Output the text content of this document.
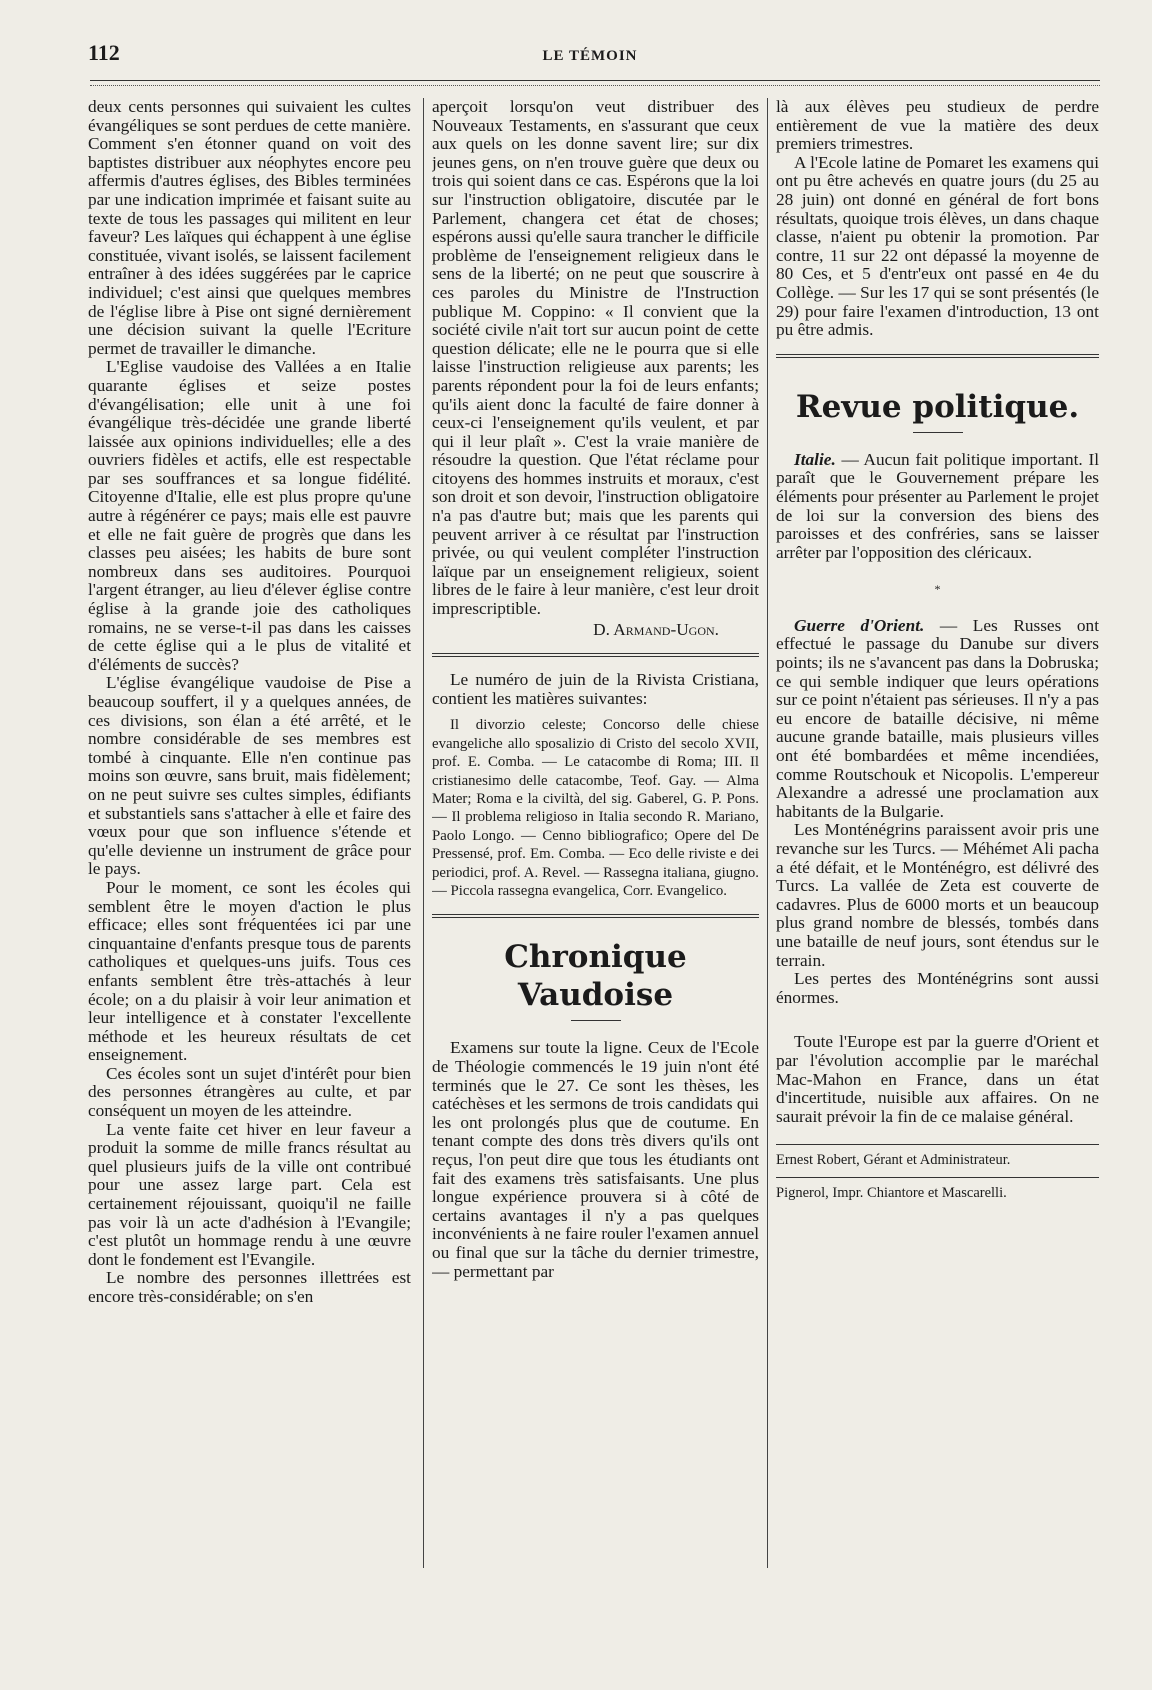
112	LE TÉMOIN

deux cents personnes qui suivaient les cultes évangéliques se sont perdues de cette manière. Comment s'en étonner quand on voit des baptistes distribuer aux néophytes encore peu affermis d'autres églises, des Bibles terminées par une indication imprimée et faisant suite au texte de tous les passages qui militent en leur faveur? Les laïques qui échappent à une église constituée, vivant isolés, se laissent facilement entraîner à des idées suggérées par le caprice individuel; c'est ainsi que quelques membres de l'église libre à Pise ont signé dernièrement une décision suivant la quelle l'Ecriture permet de travailler le dimanche.

L'Eglise vaudoise des Vallées a en Italie quarante églises et seize postes d'évangélisation; elle unit à une foi évangélique très-décidée une grande liberté laissée aux opinions individuelles; elle a des ouvriers fidèles et actifs, elle est respectable par ses souffrances et sa longue fidélité. Citoyenne d'Italie, elle est plus propre qu'une autre à régénérer ce pays; mais elle est pauvre et elle ne fait guère de progrès que dans les classes peu aisées; les habits de bure sont nombreux dans ses auditoires. Pourquoi l'argent étranger, au lieu d'élever église contre église à la grande joie des catholiques romains, ne se verse-t-il pas dans les caisses de cette église qui a le plus de vitalité et d'éléments de succès?

L'église évangélique vaudoise de Pise a beaucoup souffert, il y a quelques années, de ces divisions, son élan a été arrêté, et le nombre considérable de ses membres est tombé à cinquante. Elle n'en continue pas moins son œuvre, sans bruit, mais fidèlement; on ne peut suivre ses cultes simples, édifiants et substantiels sans s'attacher à elle et faire des vœux pour que son influence s'étende et qu'elle devienne un instrument de grâce pour le pays.

Pour le moment, ce sont les écoles qui semblent être le moyen d'action le plus efficace; elles sont fréquentées ici par une cinquantaine d'enfants presque tous de parents catholiques et quelques-uns juifs. Tous ces enfants semblent être très-attachés à leur école; on a du plaisir à voir leur animation et leur intelligence et à constater l'excellente méthode et les heureux résultats de cet enseignement.

Ces écoles sont un sujet d'intérêt pour bien des personnes étrangères au culte, et par conséquent un moyen de les atteindre.

La vente faite cet hiver en leur faveur a produit la somme de mille francs résultat au quel plusieurs juifs de la ville ont contribué pour une assez large part. Cela est certainement réjouissant, quoiqu'il ne faille pas voir là un acte d'adhésion à l'Evangile; c'est plutôt un hommage rendu à une œuvre dont le fondement est l'Evangile.

Le nombre des personnes illettrées est encore très-considérable; on s'en

aperçoit lorsqu'on veut distribuer des Nouveaux Testaments, en s'assurant que ceux aux quels on les donne savent lire; sur dix jeunes gens, on n'en trouve guère que deux ou trois qui soient dans ce cas. Espérons que la loi sur l'instruction obligatoire, discutée par le Parlement, changera cet état de choses; espérons aussi qu'elle saura trancher le difficile problème de l'enseignement religieux dans le sens de la liberté; on ne peut que souscrire à ces paroles du Ministre de l'Instruction publique M. Coppino: « Il convient que la société civile n'ait tort sur aucun point de cette question délicate; elle ne le pourra que si elle laisse l'instruction religieuse aux parents; les parents répondent pour la foi de leurs enfants; qu'ils aient donc la faculté de faire donner à ceux-ci l'enseignement qu'ils veulent, et par qui il leur plaît ». C'est la vraie manière de résoudre la question. Que l'état réclame pour citoyens des hommes instruits et moraux, c'est son droit et son devoir, l'instruction obligatoire n'a pas d'autre but; mais que les parents qui peuvent arriver à ce résultat par l'instruction privée, ou qui veulent compléter l'instruction laïque par un enseignement religieux, soient libres de le faire à leur manière, c'est leur droit imprescriptible.

D. Armand-Ugon.

Le numéro de juin de la Rivista Cristiana, contient les matières suivantes:

Il divorzio celeste; Concorso delle chiese evangeliche allo sposalizio di Cristo del secolo XVII, prof. E. Comba. — Le catacombe di Roma; III. Il cristianesimo delle catacombe, Teof. Gay. — Alma Mater; Roma e la civiltà, del sig. Gaberel, G. P. Pons. — Il problema religioso in Italia secondo R. Mariano, Paolo Longo. — Cenno bibliografico; Opere del De Pressensé, prof. Em. Comba. — Eco delle riviste e dei periodici, prof. A. Revel. — Rassegna italiana, giugno. — Piccola rassegna evangelica, Corr. Evangelico.

Chronique Vaudoise

Examens sur toute la ligne. Ceux de l'Ecole de Théologie commencés le 19 juin n'ont été terminés que le 27. Ce sont les thèses, les catéchèses et les sermons de trois candidats qui les ont prolongés plus que de coutume. En tenant compte des dons très divers qu'ils ont reçus, l'on peut dire que tous les étudiants ont fait des examens très satisfaisants. Une plus longue expérience prouvera si à côté de certains avantages il n'y a pas quelques inconvénients à ne faire rouler l'examen annuel ou final que sur la tâche du dernier trimestre, — permettant par

là aux élèves peu studieux de perdre entièrement de vue la matière des deux premiers trimestres.

A l'Ecole latine de Pomaret les examens qui ont pu être achevés en quatre jours (du 25 au 28 juin) ont donné en général de fort bons résultats, quoique trois élèves, un dans chaque classe, n'aient pu obtenir la promotion. Par contre, 11 sur 22 ont dépassé la moyenne de 80 Ces, et 5 d'entr'eux ont passé en 4e du Collège. — Sur les 17 qui se sont présentés (le 29) pour faire l'examen d'introduction, 13 ont pu être admis.

Revue politique.

Italie. — Aucun fait politique important. Il paraît que le Gouvernement prépare les éléments pour présenter au Parlement le projet de loi sur la conversion des biens des paroisses et des confréries, sans se laisser arrêter par l'opposition des cléricaux.

*

Guerre d'Orient. — Les Russes ont effectué le passage du Danube sur divers points; ils ne s'avancent pas dans la Dobruska; ce qui semble indiquer que leurs opérations sur ce point n'étaient pas sérieuses. Il n'y a pas eu encore de bataille décisive, ni même aucune grande bataille, mais plusieurs villes ont été bombardées et même incendiées, comme Routschouk et Nicopolis. L'empereur Alexandre a adressé une proclamation aux habitants de la Bulgarie.

Les Monténégrins paraissent avoir pris une revanche sur les Turcs. — Méhémet Ali pacha a été défait, et le Monténégro, est délivré des Turcs. La vallée de Zeta est couverte de cadavres. Plus de 6000 morts et un beaucoup plus grand nombre de blessés, tombés dans une bataille de neuf jours, sont étendus sur le terrain.

Les pertes des Monténégrins sont aussi énormes.

Toute l'Europe est par la guerre d'Orient et par l'évolution accomplie par le maréchal Mac-Mahon en France, dans un état d'incertitude, nuisible aux affaires. On ne saurait prévoir la fin de ce malaise général.

Ernest Robert, Gérant et Administrateur.

Pignerol, Impr. Chiantore et Mascarelli.
